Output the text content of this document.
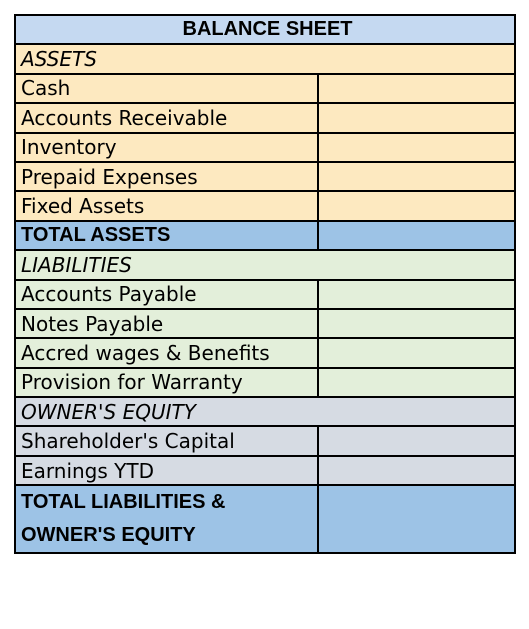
BALANCE SHEET	
ASSETS	
Cash	
Accounts Receivable	
Inventory	
Prepaid Expenses	
Fixed Assets	
TOTAL ASSETS	
LIABILITIES	
Accounts Payable	
Notes Payable	
Accred wages & Benefits	
Provision for Warranty	
OWNER'S EQUITY	
Shareholder's Capital	
Earnings YTD	
TOTAL LIABILITIES &
OWNER'S EQUITY	
知乎 @qzwu
